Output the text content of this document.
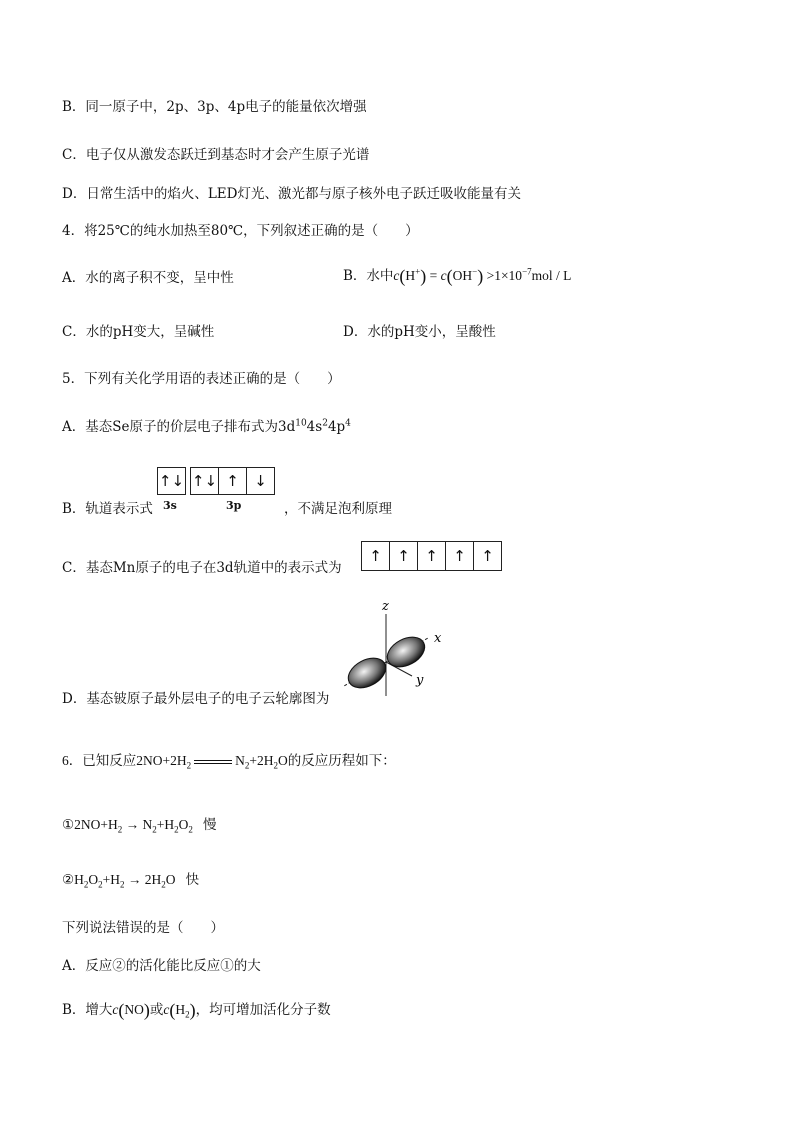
B．同一原子中，2p、3p、4p电子的能量依次增强
C．电子仅从激发态跃迁到基态时才会产生原子光谱
D．日常生活中的焰火、LED灯光、激光都与原子核外电子跃迁吸收能量有关
4．将25℃的纯水加热至80℃，下列叙述正确的是（　　）
A．水的离子积不变，呈中性	B．水中$c(H^+) = c(OH^-) >1\times 10^{-7}mol / L$
C．水的pH变大，呈碱性	D．水的pH变小，呈酸性
5．下列有关化学用语的表述正确的是（　　）
A．基态Se原子的价层电子排布式为$3d^{10}4s^24p^4$
B．轨道表示式
↑↓ ↑↓ ↑	↓
3s	3p	，不满足泡利原理
C．基态Mn原子的电子在3d轨道中的表示式为
↑	↑	↑	↑	↑
D．基态铍原子最外层电子的电子云轮廓图为
z
x
y
6．已知反应$2NO+2H_2$	$N_2+2H_2O$的反应历程如下：
$①2NO+H_2 \to N_2+H_2O_2$ 慢
$②H_2O_2+H_2 \to 2H_2O$ 快
下列说法错误的是（　　）
A．反应②的活化能比反应①的大
B．增大c(NO)或$c(H_2)$，均可增加活化分子数
